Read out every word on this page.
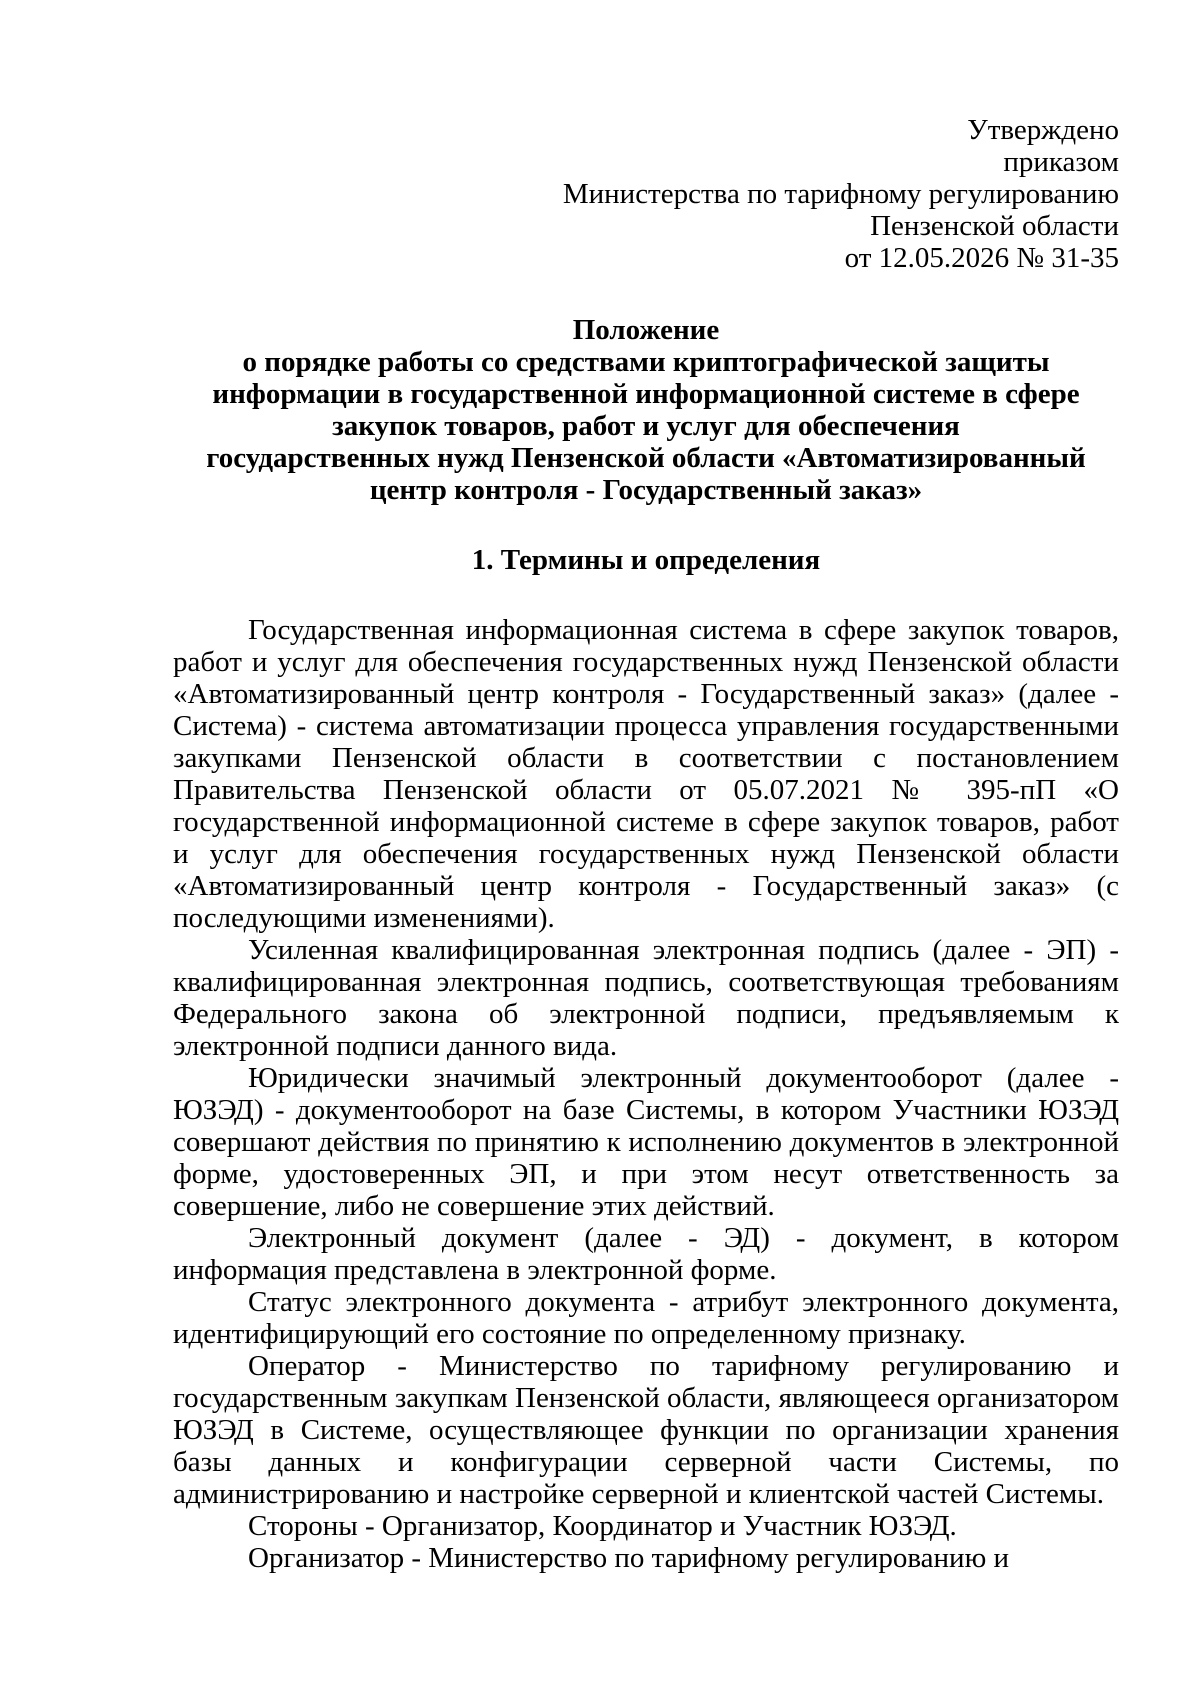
Утверждено
приказом
Министерства по тарифному регулированию
Пензенской области
от 12.05.2026 № 31-35
Положение
о порядке работы со средствами криптографической защиты
информации в государственной информационной системе в сфере
закупок товаров, работ и услуг для обеспечения
государственных нужд Пензенской области «Автоматизированный
центр контроля - Государственный заказ»
1. Термины и определения

Государственная информационная система в сфере закупок товаров, работ и услуг для обеспечения государственных нужд Пензенской области «Автоматизированный центр контроля - Государственный заказ» (далее - Система) - система автоматизации процесса управления государственными закупками Пензенской области в соответствии с постановлением Правительства Пензенской области от 05.07.2021 № 395-пП «О государственной информационной системе в сфере закупок товаров, работ и услуг для обеспечения государственных нужд Пензенской области «Автоматизированный центр контроля - Государственный заказ» (с последующими изменениями).

Усиленная квалифицированная электронная подпись (далее - ЭП) - квалифицированная электронная подпись, соответствующая требованиям Федерального закона об электронной подписи, предъявляемым к электронной подписи данного вида.

Юридически значимый электронный документооборот (далее - ЮЗЭД) - документооборот на базе Системы, в котором Участники ЮЗЭД совершают действия по принятию к исполнению документов в электронной форме, удостоверенных ЭП, и при этом несут ответственность за совершение, либо не совершение этих действий.

Электронный документ (далее - ЭД) - документ, в котором информация представлена в электронной форме.

Статус электронного документа - атрибут электронного документа, идентифицирующий его состояние по определенному признаку.

Оператор - Министерство по тарифному регулированию и государственным закупкам Пензенской области, являющееся организатором ЮЗЭД в Системе, осуществляющее функции по организации хранения базы данных и конфигурации серверной части Системы, по администрированию и настройке серверной и клиентской частей Системы.

Стороны - Организатор, Координатор и Участник ЮЗЭД.

Организатор - Министерство по тарифному регулированию и
